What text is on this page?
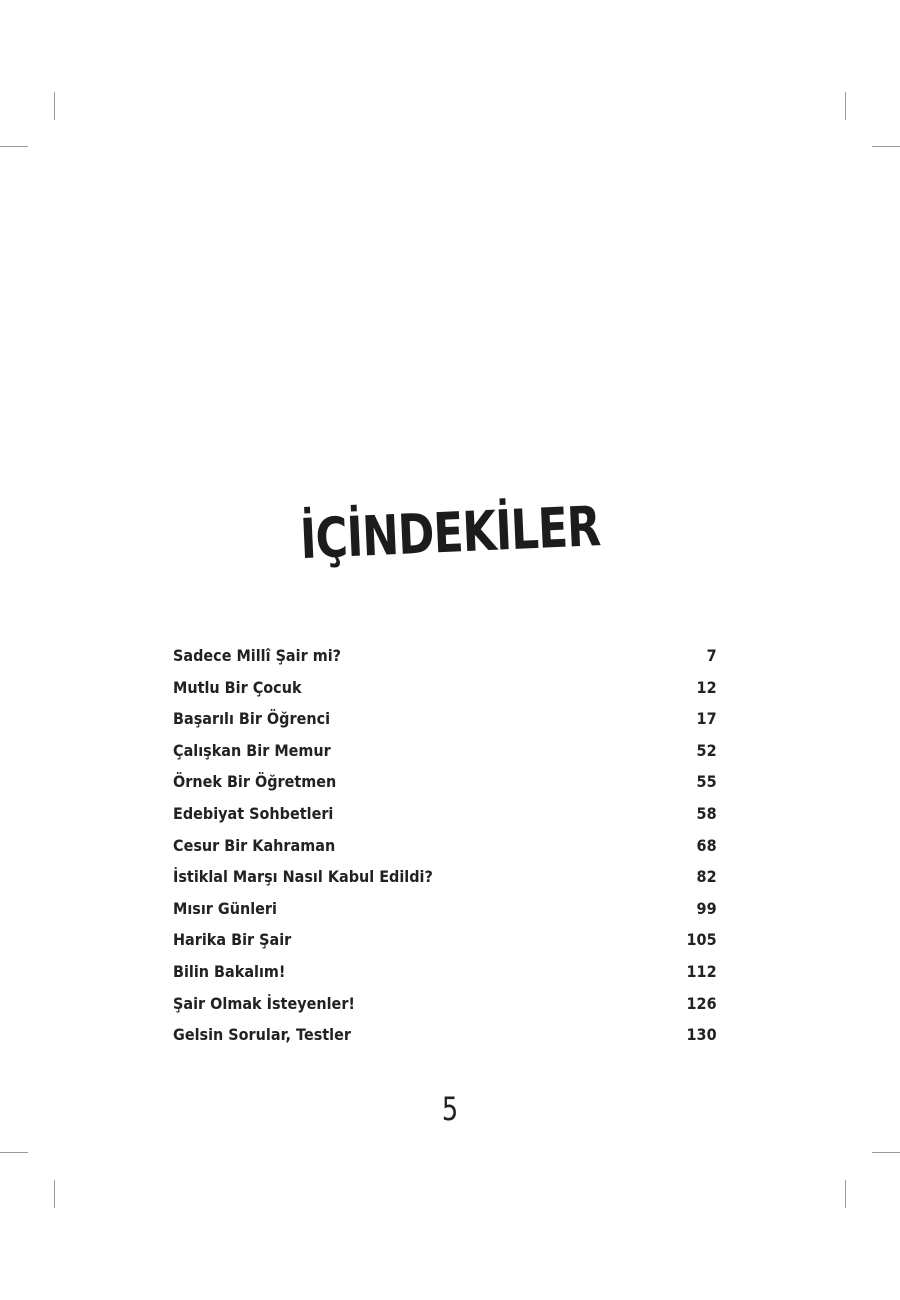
İÇİNDEKİLER
Sadece Millî Şair mi?	7
Mutlu Bir Çocuk	12
Başarılı Bir Öğrenci	17
Çalışkan Bir Memur	52
Örnek Bir Öğretmen	55
Edebiyat Sohbetleri	58
Cesur Bir Kahraman	68
İstiklal Marşı Nasıl Kabul Edildi?	82
Mısır Günleri	99
Harika Bir Şair	105
Bilin Bakalım!	112
Şair Olmak İsteyenler!	126
Gelsin Sorular, Testler	130
5
